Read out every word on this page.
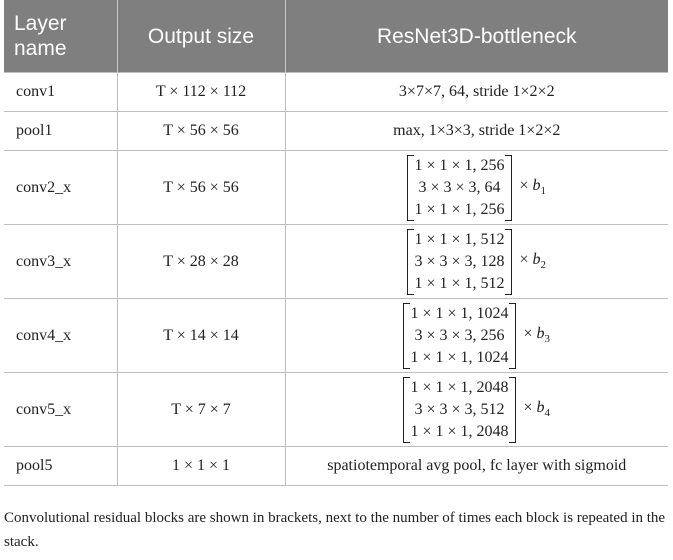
Layer name	Output size	ResNet3D-bottleneck
conv1	T × 112 × 112	3×7×7, 64, stride 1×2×2
pool1	T × 56 × 56	max, 1×3×3, stride 1×2×2
conv2_x	T × 56 × 56	1 × 1 × 1, 256
3 × 3 × 3, 64
1 × 1 × 1, 256
× $b_1$

conv3_x	T × 28 × 28	1 × 1 × 1, 512
3 × 3 × 3, 128
1 × 1 × 1, 512
× $b_2$

conv4_x	T × 14 × 14	1 × 1 × 1, 1024
3 × 3 × 3, 256
1 × 1 × 1, 1024
× $b_3$

conv5_x	T × 7 × 7	1 × 1 × 1, 2048
3 × 3 × 3, 512
1 × 1 × 1, 2048
× $b_4$

pool5	1 × 1 × 1	spatiotemporal avg pool, fc layer with sigmoid
Convolutional residual blocks are shown in brackets, next to the number of times each block is repeated in the stack.
